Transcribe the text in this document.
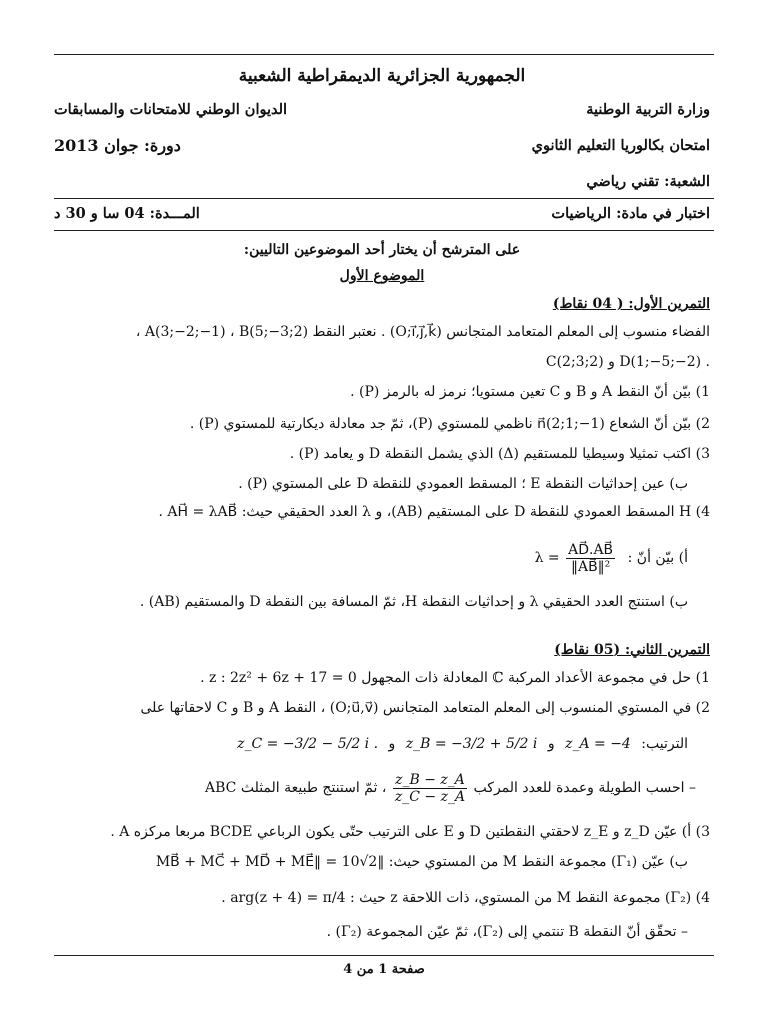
الجمهورية الجزائرية الديمقراطية الشعبية
وزارة التربية الوطنية
الديوان الوطني للامتحانات والمسابقات
امتحان بكالوريا التعليم الثانوي
دورة: جوان 2013
الشعبة: تقني رياضي
اختبار في مادة: الرياضيات
المـــدة: 04 سا و 30 د
على المترشح أن يختار أحد الموضوعين التاليين:
الموضوع الأول
التمرين الأول: ( 04 نقاط)
الفضاء منسوب إلى المعلم المتعامد المتجانس (O;i⃗,j⃗,k⃗) . نعتبر النقط A(3;−2;−1) ، B(5;−3;2) ،
. D(1;−5;−2) و C(2;3;2)
1) بيّن أنّ النقط A و B و C تعين مستويا؛ نرمز له بالرمز (P) .
2) بيّن أنّ الشعاع n⃗(2;1;−1) ناظمي للمستوي (P)، ثمّ جد معادلة ديكارتية للمستوي (P) .
3) اكتب تمثيلا وسيطيا للمستقيم (Δ) الذي يشمل النقطة D و يعامد (P) .
ب) عين إحداثيات النقطة E ؛ المسقط العمودي للنقطة D على المستوي (P) .
4) H المسقط العمودي للنقطة D على المستقيم (AB)، و λ العدد الحقيقي حيث: AH⃗ = λAB⃗ .
أ) بيّن أنّ : $\lambda = \frac{AD⃗.AB⃗}{\text{‖AB⃗‖²}}$
ب) استنتج العدد الحقيقي λ و إحداثيات النقطة H، ثمّ المسافة بين النقطة D والمستقيم (AB) .
التمرين الثاني: (05 نقاط)
1) حل في مجموعة الأعداد المركبة ℂ المعادلة ذات المجهول z : 2z² + 6z + 17 = 0 .
2) في المستوي المنسوب إلى المعلم المتعامد المتجانس (O;u⃗,v⃗) ، النقط A و B و C لاحقاتها على
الترتيب: z_A = −4 و z_B = −3/2 + 5/2 i و z_C = −3/2 − 5/2 i .
– احسب الطويلة وعمدة للعدد المركب
$\frac{z\_B - z\_A}{z\_C - z\_A}$
، ثمّ استنتج طبيعة المثلث ABC
3) أ) عيّن z_D و z_E لاحقتي النقطتين D و E على الترتيب حتّى يكون الرباعي BCDE مربعا مركزه A .
ب) عيّن (Γ₁) مجموعة النقط M من المستوي حيث: ‖MB⃗ + MC⃗ + MD⃗ + ME⃗‖ = 10√2
4) (Γ₂) مجموعة النقط M من المستوي، ذات اللاحقة z حيث : arg(z + 4) = π/4 .
– تحقّق أنّ النقطة B تنتمي إلى (Γ₂)، ثمّ عيّن المجموعة (Γ₂) .
صفحة 1 من 4
